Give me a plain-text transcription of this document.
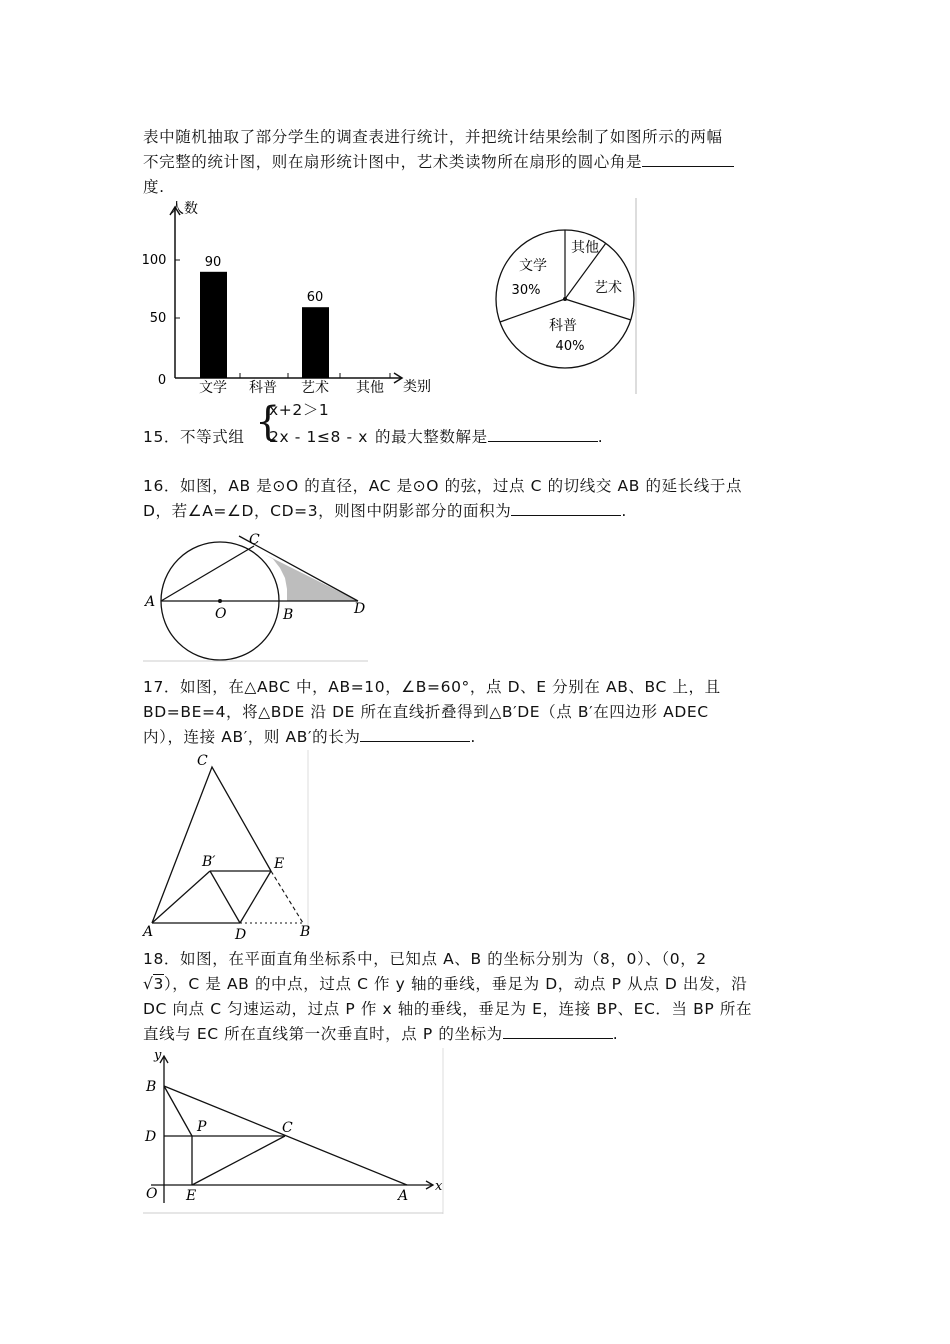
表中随机抽取了部分学生的调查表进行统计，并把统计结果绘制了如图所示的两幅
不完整的统计图，则在扇形统计图中，艺术类读物所在扇形的圆心角是
度.
人数
类别
0
50
100	90
60
文学 科普 艺术 其他
文学
30%
其他
艺术
科普
40%
15．不等式组 {
x+2＞1
2x - 1≤8 - x 的最大整数解是	.
16．如图，AB 是⊙O 的直径，AC 是⊙O 的弦，过点 C 的切线交 AB 的延长线于点
D，若∠A=∠D，CD=3，则图中阴影部分的面积为	.
A
O	B
C
D
17．如图，在△ABC 中，AB=10，∠B=60°，点 D、E 分别在 AB、BC 上，且
BD=BE=4，将△BDE 沿 DE 所在直线折叠得到△B′DE（点 B′在四边形 ADEC
内），连接 AB′，则 AB′的长为	.
C
B′	E
A	D	B
18．如图，在平面直角坐标系中，已知点 A、B 的坐标分别为（8，0）、（0，2
√3），C 是 AB 的中点，过点 C 作 y 轴的垂线，垂足为 D，动点 P 从点 D 出发，沿
DC 向点 C 匀速运动，过点 P 作 x 轴的垂线，垂足为 E，连接 BP、EC．当 BP 所在
直线与 EC 所在直线第一次垂直时，点 P 的坐标为	.
y
x
B
D
P	C
O E	A
